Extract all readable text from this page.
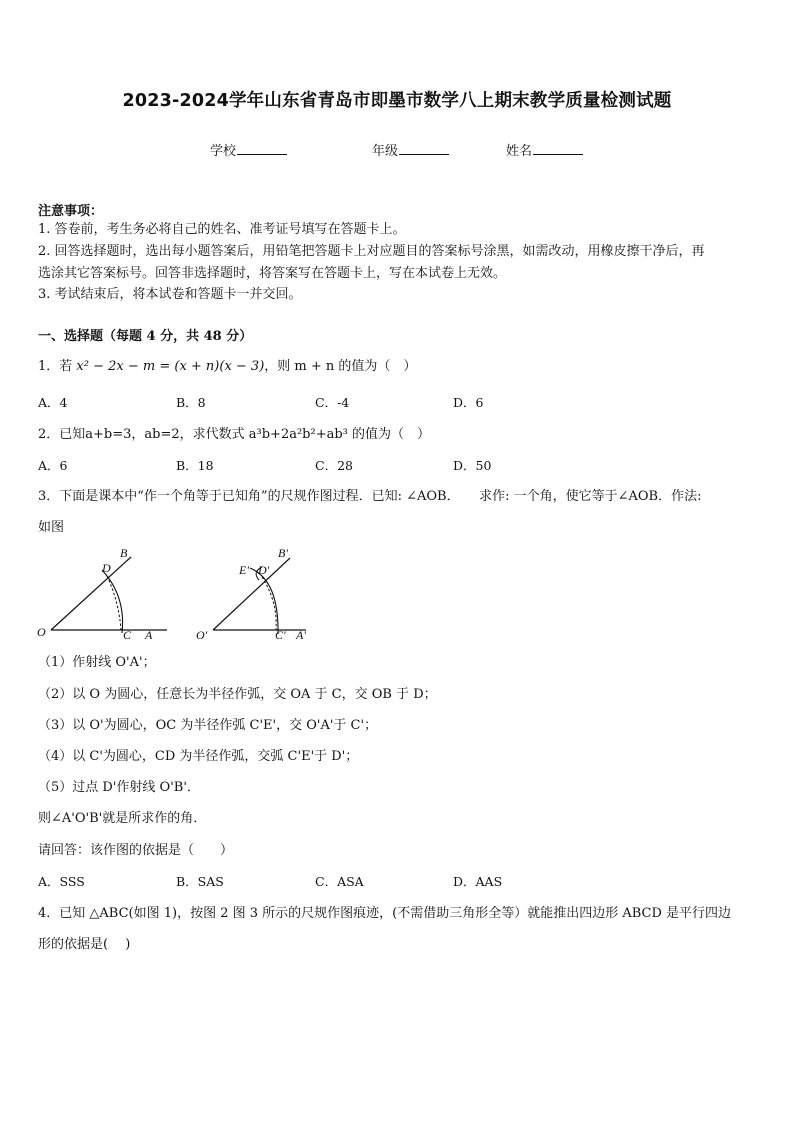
2023-2024学年山东省青岛市即墨市数学八上期末教学质量检测试题
学校	年级	姓名
注意事项：
1. 答卷前，考生务必将自己的姓名、准考证号填写在答题卡上。
2. 回答选择题时，选出每小题答案后，用铅笔把答题卡上对应题目的答案标号涂黑，如需改动，用橡皮擦干净后，再
选涂其它答案标号。回答非选择题时，将答案写在答题卡上，写在本试卷上无效。
3. 考试结束后，将本试卷和答题卡一并交回。
一、选择题（每题 4 分，共 48 分）
1．若 x² − 2x − m = (x + n)(x − 3)，则 m + n 的值为（　）
A．4	B．8	C．-4	D．6
2．已知a+b=3，ab=2，求代数式 a³b+2a²b²+ab³ 的值为（　）
A．6	B．18	C．28	D．50
3．下面是课本中“作一个角等于已知角”的尺规作图过程．已知: ∠AOB．　　求作: 一个角，使它等于∠AOB．作法:
如图
B
D
O	C A
B'
E' D'
O'	C' A'
（1）作射线 O'A'；
（2）以 O 为圆心，任意长为半径作弧，交 OA 于 C，交 OB 于 D；
（3）以 O'为圆心，OC 为半径作弧 C'E'，交 O'A'于 C'；
（4）以 C'为圆心，CD 为半径作弧，交弧 C'E'于 D'；
（5）过点 D'作射线 O'B'．
则∠A'O'B'就是所求作的角．
请回答：该作图的依据是（　　）
A．SSS	B．SAS	C．ASA	D．AAS
4．已知 △ABC(如图 1)，按图 2 图 3 所示的尺规作图痕迹，(不需借助三角形全等）就能推出四边形 ABCD 是平行四边
形的依据是(　 )
